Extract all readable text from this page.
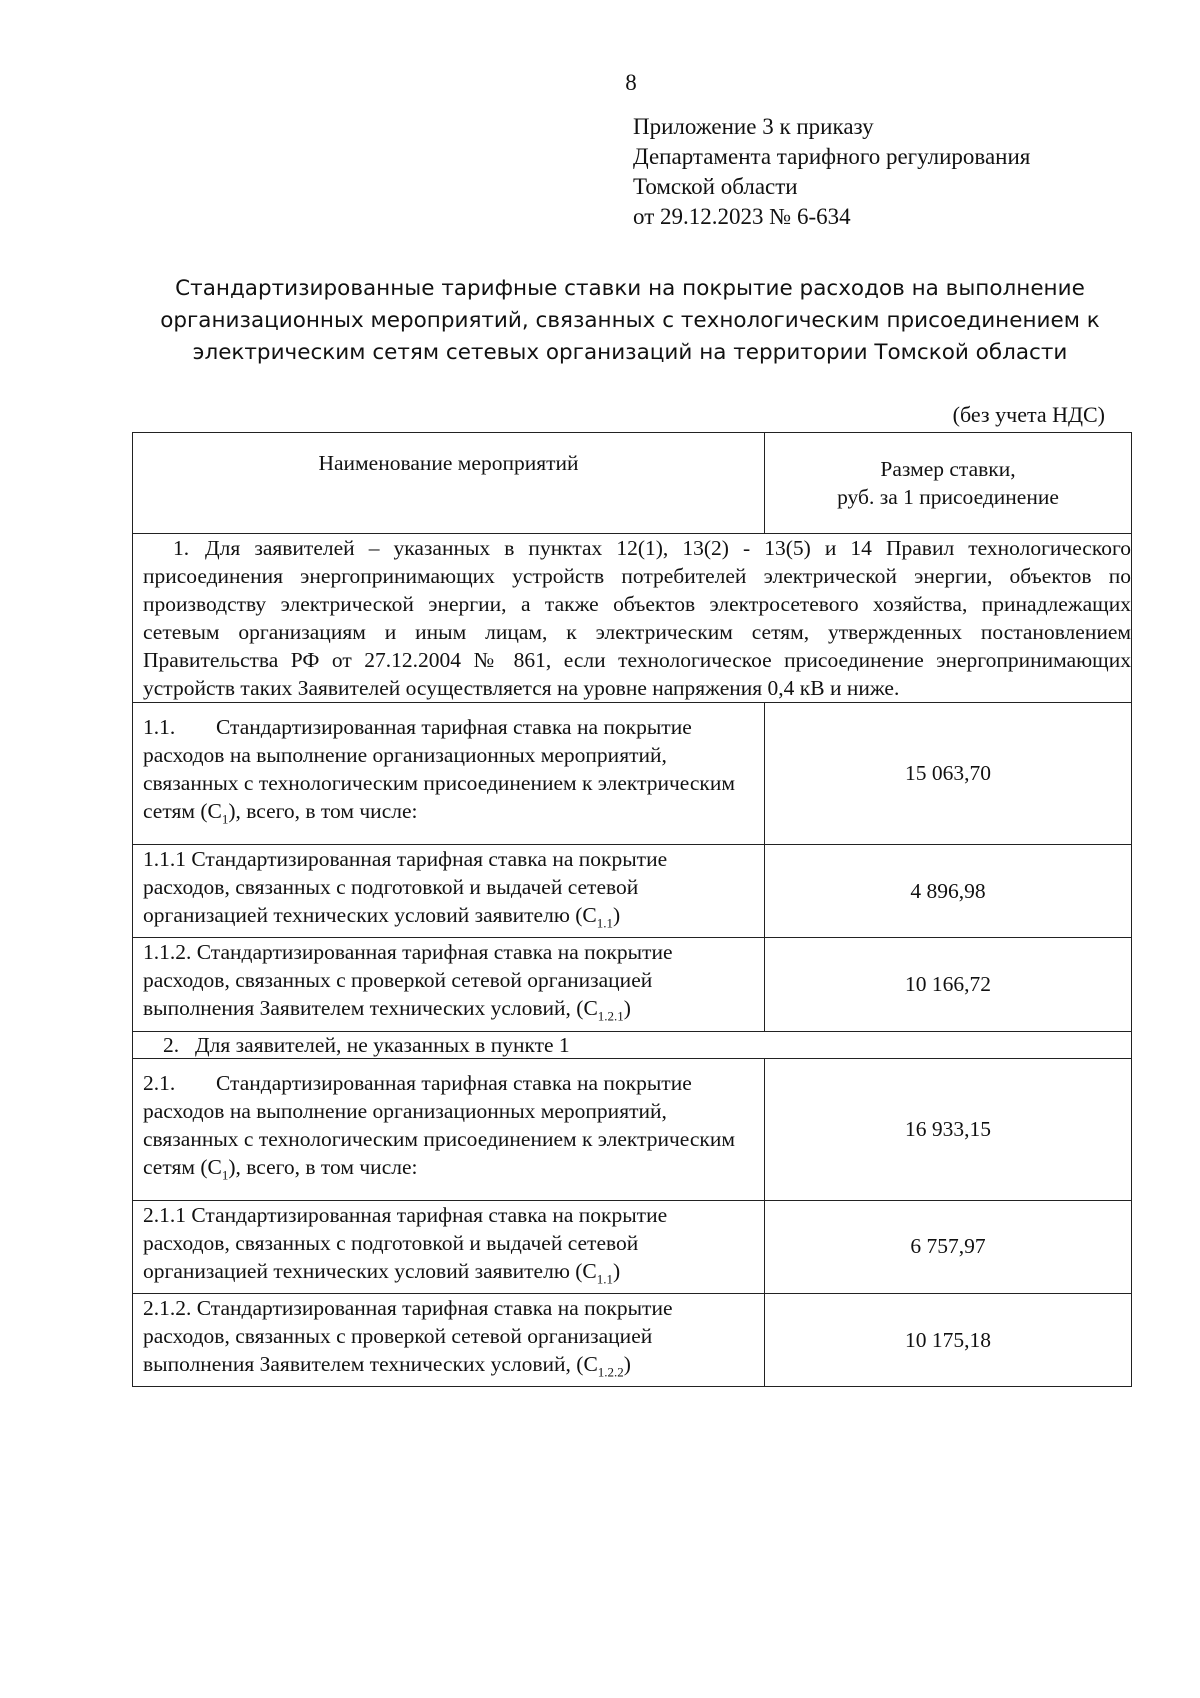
8
Приложение 3 к приказу
Департамента тарифного регулирования
Томской области
от 29.12.2023 № 6-634
Стандартизированные тарифные ставки на покрытие расходов на выполнение
организационных мероприятий, связанных с технологическим присоединением к
электрическим сетям сетевых организаций на территории Томской области
(без учета НДС)
Наименование мероприятий	Размер ставки,
руб. за 1 присоединение

1. Для заявителей – указанных в пунктах 12(1), 13(2) - 13(5) и 14 Правил технологического присоединения энергопринимающих устройств потребителей электрической энергии, объектов по производству электрической энергии, а также объектов электросетевого хозяйства, принадлежащих сетевым организациям и иным лицам, к электрическим сетям, утвержденных постановлением Правительства РФ от 27.12.2004 № 861, если технологическое присоединение энергопринимающих устройств таких Заявителей осуществляется на уровне напряжения 0,4 кВ и ниже.	
1.1. Стандартизированная тарифная ставка на покрытие расходов на выполнение организационных мероприятий, связанных с технологическим присоединением к электрическим сетям $(C_1)$, всего, в том числе:	15 063,70
1.1.1 Стандартизированная тарифная ставка на покрытие расходов, связанных с подготовкой и выдачей сетевой организацией технических условий заявителю $(C_{1.1})$	4 896,98
1.1.2. Стандартизированная тарифная ставка на покрытие расходов, связанных с проверкой сетевой организацией выполнения Заявителем технических условий, $(C_{1.2.1})$	10 166,72
2. Для заявителей, не указанных в пункте 1	
2.1. Стандартизированная тарифная ставка на покрытие расходов на выполнение организационных мероприятий, связанных с технологическим присоединением к электрическим сетям $(C_1)$, всего, в том числе:	16 933,15
2.1.1 Стандартизированная тарифная ставка на покрытие расходов, связанных с подготовкой и выдачей сетевой организацией технических условий заявителю $(C_{1.1})$	6 757,97
2.1.2. Стандартизированная тарифная ставка на покрытие расходов, связанных с проверкой сетевой организацией выполнения Заявителем технических условий, $(C_{1.2.2})$	10 175,18
